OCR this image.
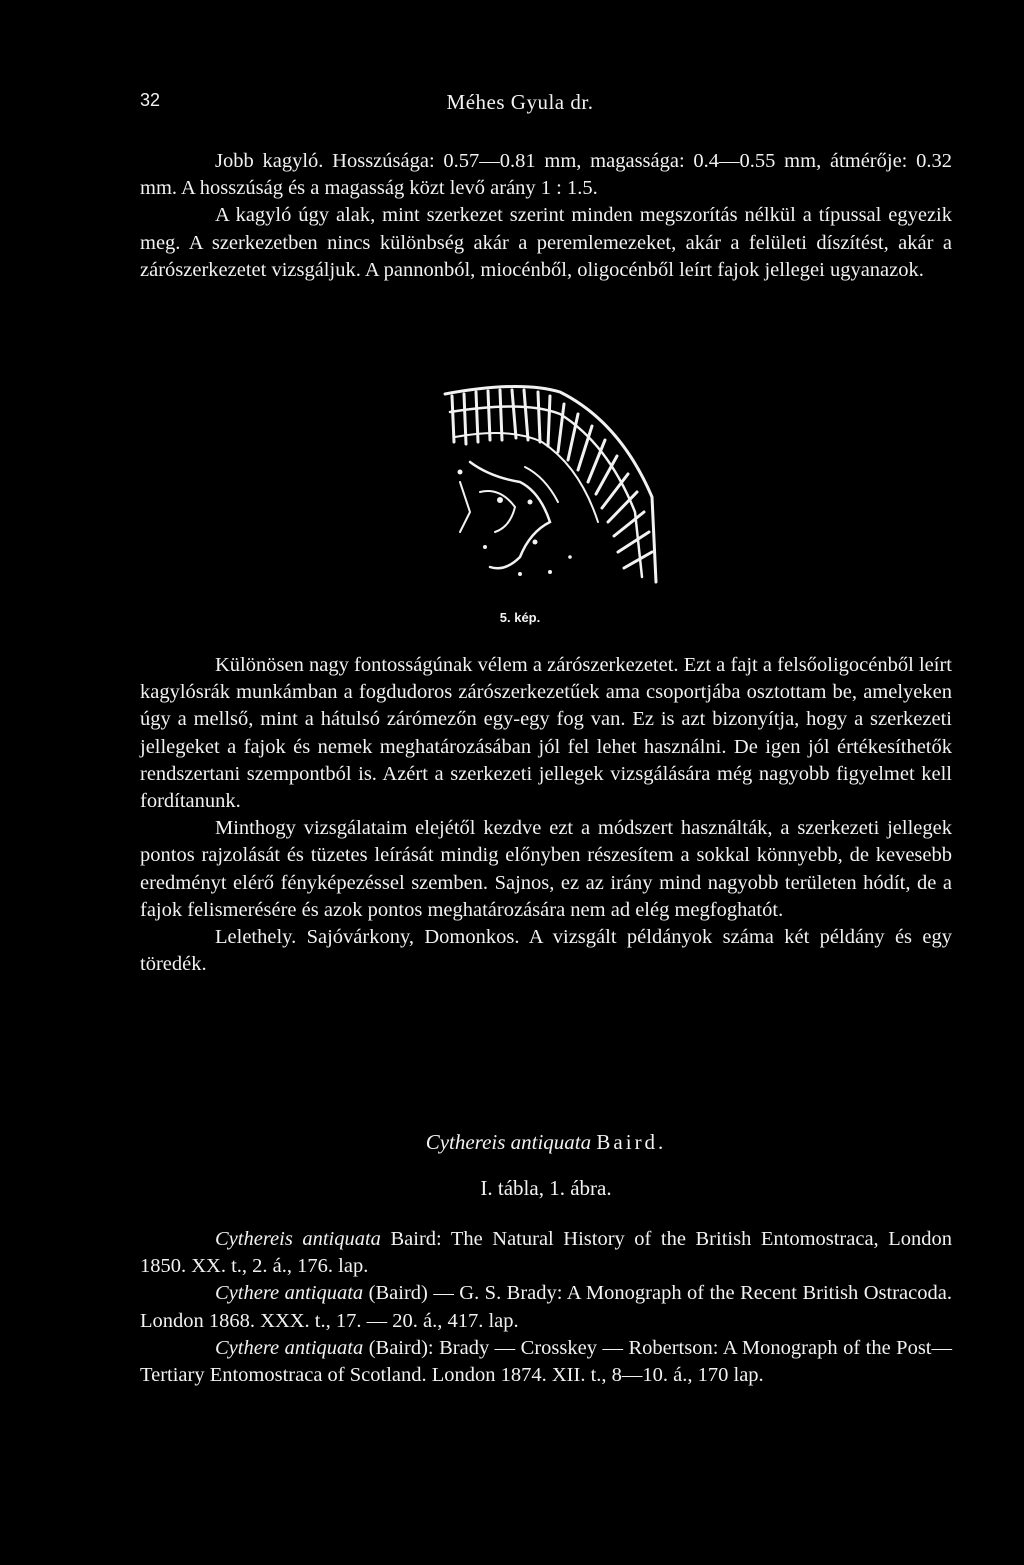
32	Méhes Gyula dr.

Jobb kagyló. Hosszúsága: 0.57—0.81 mm, magassága: 0.4—0.55 mm, átmérője: 0.32 mm. A hosszúság és a magasság közt levő arány 1 : 1.5.

A kagyló úgy alak, mint szerkezet szerint minden megszorítás nélkül a típussal egyezik meg. A szerkezetben nincs különbség akár a peremlemezeket, akár a felületi díszítést, akár a zárószerkezetet vizsgáljuk. A pannonból, miocénből, oligocénből leírt fajok jellegei ugyanazok.

5. kép.

Különösen nagy fontosságúnak vélem a zárószerkezetet. Ezt a fajt a felsőoligocénből leírt kagylósrák munkámban a fogdudoros zárószerkezetűek ama csoportjába osztottam be, amelyeken úgy a mellső, mint a hátulsó zárómezőn egy-egy fog van. Ez is azt bizonyítja, hogy a szerkezeti jellegeket a fajok és nemek meghatározásában jól fel lehet használni. De igen jól értékesíthetők rendszertani szempontból is. Azért a szerkezeti jellegek vizsgálására még nagyobb figyelmet kell fordítanunk.

Minthogy vizsgálataim elejétől kezdve ezt a módszert használták, a szerkezeti jellegek pontos rajzolását és tüzetes leírását mindig előnyben részesítem a sokkal könnyebb, de kevesebb eredményt elérő fényképezéssel szemben. Sajnos, ez az irány mind nagyobb területen hódít, de a fajok felismerésére és azok pontos meghatározására nem ad elég megfoghatót.

Lelethely. Sajóvárkony, Domonkos. A vizsgált példányok száma két példány és egy töredék.

Cythereis antiquata Baird.
I. tábla, 1. ábra.

Cythereis antiquata Baird: The Natural History of the British Entomostraca, London 1850. XX. t., 2. á., 176. lap.

Cythere antiquata (Baird) — G. S. Brady: A Monograph of the Recent British Ostracoda. London 1868. XXX. t., 17. — 20. á., 417. lap.

Cythere antiquata (Baird): Brady — Crosskey — Robertson: A Monograph of the Post—Tertiary Entomostraca of Scotland. London 1874. XII. t., 8—10. á., 170 lap.
